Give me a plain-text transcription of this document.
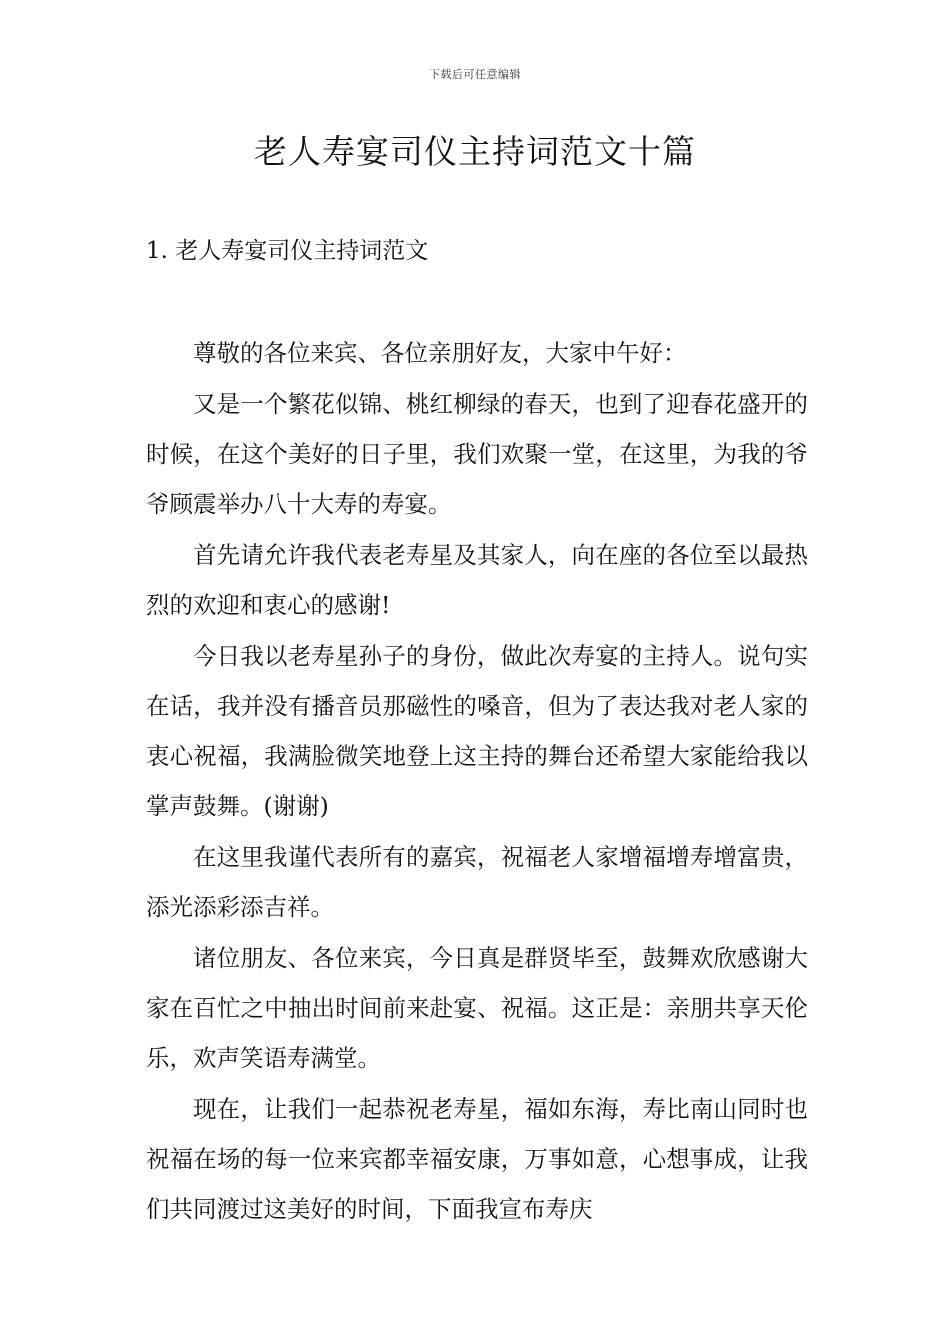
下载后可任意编辑
老人寿宴司仪主持词范文十篇
1. 老人寿宴司仪主持词范文

尊敬的各位来宾、各位亲朋好友，大家中午好：

又是一个繁花似锦、桃红柳绿的春天，也到了迎春花盛开的时候，在这个美好的日子里，我们欢聚一堂，在这里，为我的爷爷顾震举办八十大寿的寿宴。

首先请允许我代表老寿星及其家人，向在座的各位至以最热烈的欢迎和衷心的感谢!

今日我以老寿星孙子的身份，做此次寿宴的主持人。说句实在话，我并没有播音员那磁性的嗓音，但为了表达我对老人家的衷心祝福，我满脸微笑地登上这主持的舞台还希望大家能给我以掌声鼓舞。(谢谢)

在这里我谨代表所有的嘉宾，祝福老人家增福增寿增富贵，添光添彩添吉祥。

诸位朋友、各位来宾，今日真是群贤毕至，鼓舞欢欣感谢大家在百忙之中抽出时间前来赴宴、祝福。这正是：亲朋共享天伦乐，欢声笑语寿满堂。

现在，让我们一起恭祝老寿星，福如东海，寿比南山同时也祝福在场的每一位来宾都幸福安康，万事如意，心想事成，让我们共同渡过这美好的时间，下面我宣布寿庆
